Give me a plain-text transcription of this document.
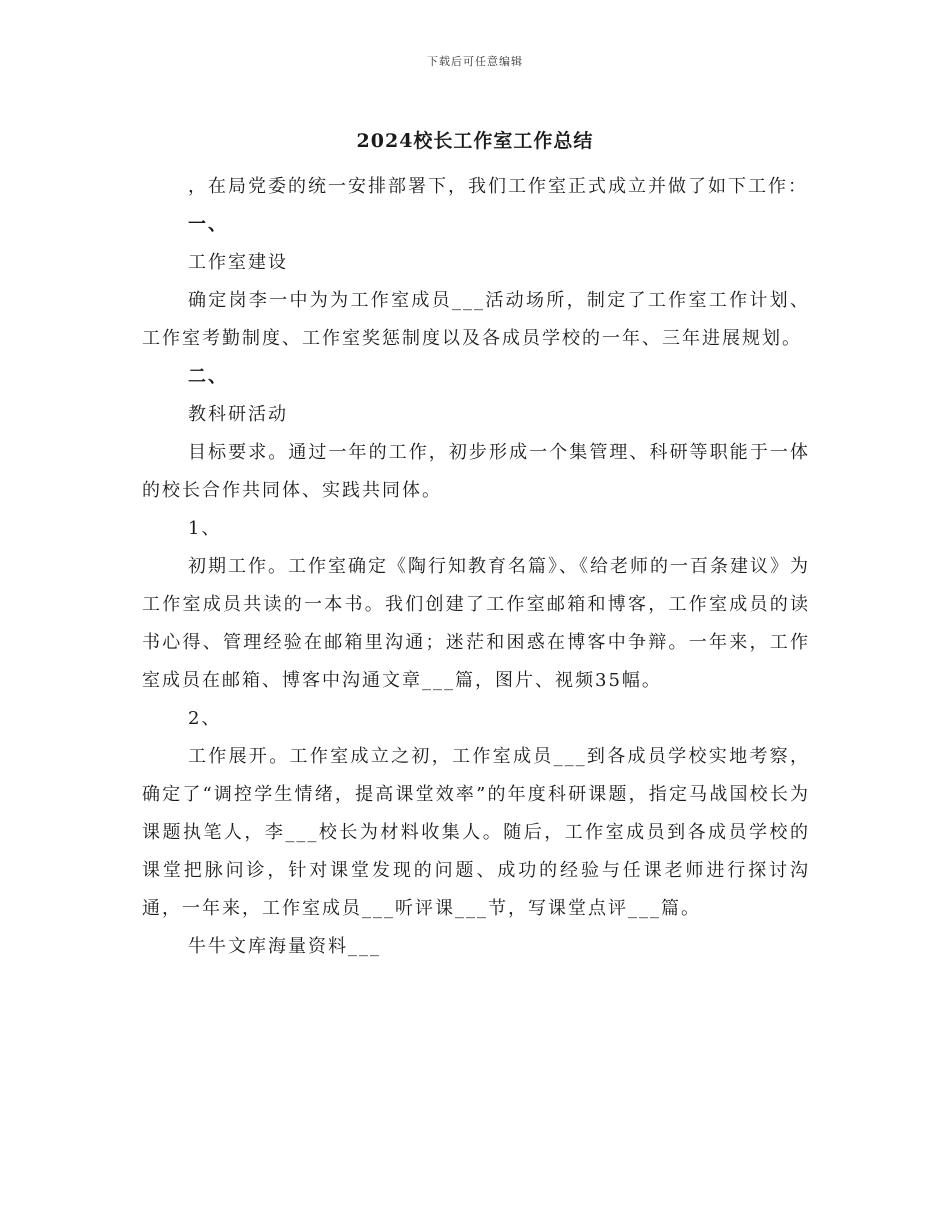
下载后可任意编辑
2024校长工作室工作总结

，在局党委的统一安排部署下，我们工作室正式成立并做了如下工作：

一、

工作室建设

确定岗李一中为为工作室成员___活动场所，制定了工作室工作计划、工作室考勤制度、工作室奖惩制度以及各成员学校的一年、三年进展规划。

二、

教科研活动

目标要求。通过一年的工作，初步形成一个集管理、科研等职能于一体的校长合作共同体、实践共同体。

1、

初期工作。工作室确定《陶行知教育名篇》、《给老师的一百条建议》为工作室成员共读的一本书。我们创建了工作室邮箱和博客，工作室成员的读书心得、管理经验在邮箱里沟通；迷茫和困惑在博客中争辩。一年来，工作室成员在邮箱、博客中沟通文章___篇，图片、视频35幅。

2、

工作展开。工作室成立之初，工作室成员___到各成员学校实地考察，确定了“调控学生情绪，提高课堂效率”的年度科研课题，指定马战国校长为课题执笔人，李___校长为材料收集人。随后，工作室成员到各成员学校的课堂把脉问诊，针对课堂发现的问题、成功的经验与任课老师进行探讨沟通，一年来，工作室成员___听评课___节，写课堂点评___篇。

牛牛文库海量资料___
